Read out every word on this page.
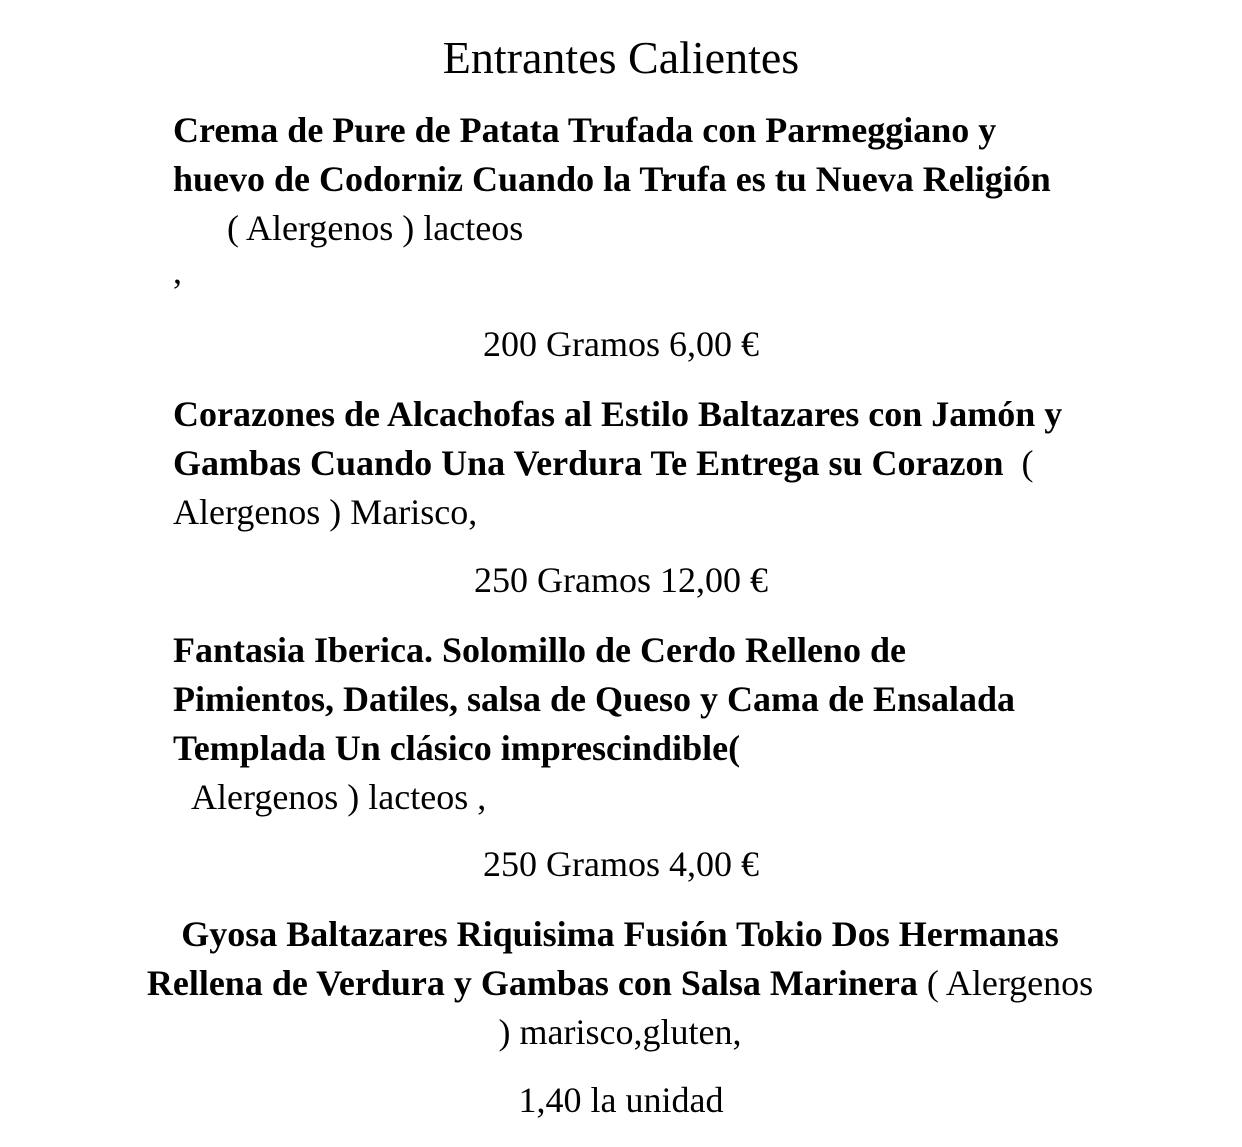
Entrantes Calientes

Crema de Pure de Patata Trufada con Parmeggiano y huevo de Codorniz Cuando la Trufa es tu Nueva Religión( Alergenos ) lacteos
,

200 Gramos 6,00 €

Corazones de Alcachofas al Estilo Baltazares con Jamón y Gambas Cuando Una Verdura Te Entrega su Corazon ( Alergenos ) Marisco,

250 Gramos 12,00 €

Fantasia Iberica. Solomillo de Cerdo Relleno de Pimientos, Datiles, salsa de Queso y Cama de Ensalada Templada Un clásico imprescindible(
Alergenos ) lacteos ,

250 Gramos 4,00 €

Gyosa Baltazares Riquisima Fusión Tokio Dos Hermanas Rellena de Verdura y Gambas con Salsa Marinera ( Alergenos ) marisco,gluten,

1,40 la unidad
